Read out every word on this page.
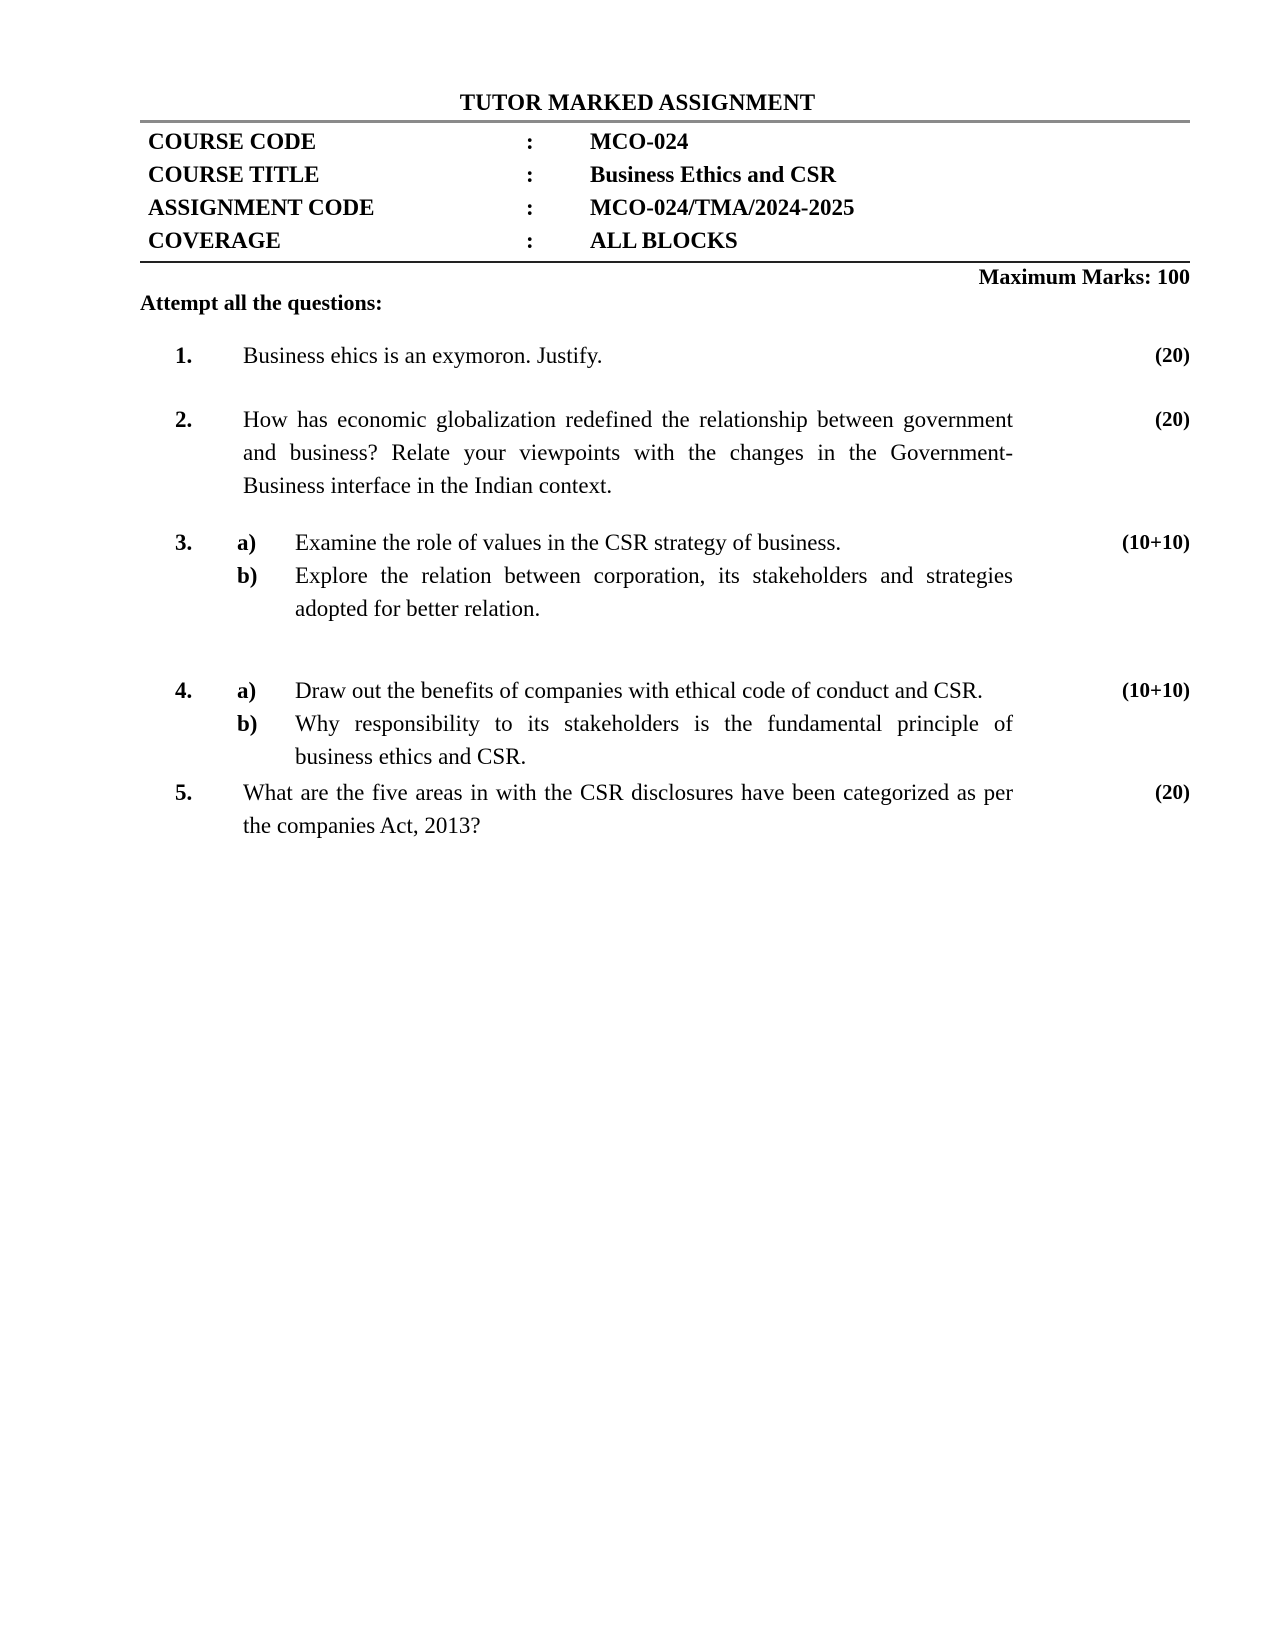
TUTOR MARKED ASSIGNMENT
COURSE CODE	:	MCO-024
COURSE TITLE	:	Business Ethics and CSR
ASSIGNMENT CODE	:	MCO-024/TMA/2024-2025
COVERAGE	:	ALL BLOCKS
Maximum Marks: 100
Attempt all the questions:
1.	Business ehics is an exymoron. Justify.	(20)
2.	How has economic globalization redefined the relationship between government and business? Relate your viewpoints with the changes in the Government-Business interface in the Indian context.

(20)
3.	a)	Examine the role of values in the CSR strategy of business.

b)	Explore the relation between corporation, its stakeholders and strategies adopted for better relation.

(10+10)
4.	a)	Draw out the benefits of companies with ethical code of conduct and CSR.

b)	Why responsibility to its stakeholders is the fundamental principle of business ethics and CSR.

(10+10)
5.	What are the five areas in with the CSR disclosures have been categorized as per the companies Act, 2013?

(20)
